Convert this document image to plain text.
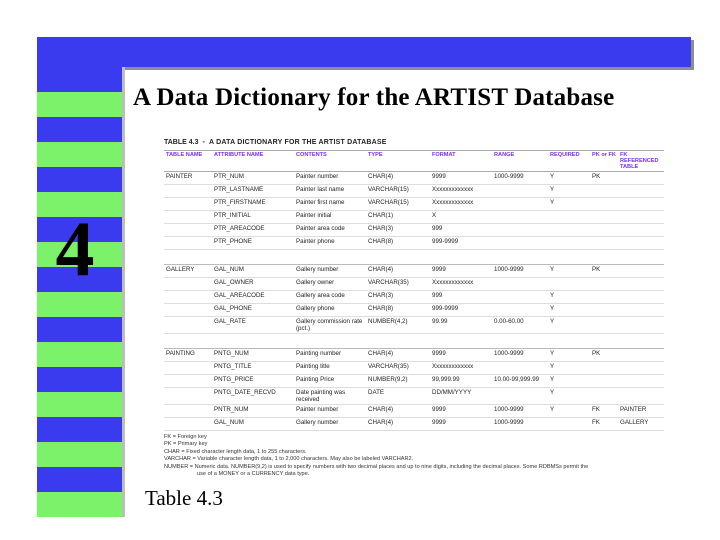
A Data Dictionary for the ARTIST Database
4
TABLE 4.3 ▪ A DATA DICTIONARY FOR THE ARTIST DATABASE
TABLE NAME	ATTRIBUTE NAME	CONTENTS	TYPE	FORMAT	RANGE	REQUIRED	PK or FK	FK REFERENCED TABLE
PAINTER	PTR_NUM	Painter number	CHAR(4)	9999	1000-9999	Y	PK	
	PTR_LASTNAME	Painter last name	VARCHAR(15)	Xxxxxxxxxxxxx		Y		
	PTR_FIRSTNAME	Painter first name	VARCHAR(15)	Xxxxxxxxxxxxx		Y		
	PTR_INITIAL	Painter initial	CHAR(1)	X				
	PTR_AREACODE	Painter area code	CHAR(3)	999				
	PTR_PHONE	Painter phone	CHAR(8)	999-9999				

GALLERY	GAL_NUM	Gallery number	CHAR(4)	9999	1000-9999	Y	PK	
	GAL_OWNER	Gallery owner	VARCHAR(35)	Xxxxxxxxxxxxx				
	GAL_AREACODE	Gallery area code	CHAR(3)	999		Y		
	GAL_PHONE	Gallery phone	CHAR(8)	999-9999		Y		
	GAL_RATE	Gallery commission rate (pct.)	NUMBER(4,2)	99.99	0.00-60.00	Y		

PAINTING	PNTG_NUM	Painting number	CHAR(4)	9999	1000-9999	Y	PK	
	PNTG_TITLE	Painting title	VARCHAR(35)	Xxxxxxxxxxxxx		Y		
	PNTG_PRICE	Painting Price	NUMBER(9,2)	99,999.99	10.00-99,999.99	Y		
	PNTG_DATE_RECVD	Date painting was received	DATE	DD/MM/YYYY		Y		
	PNTR_NUM	Painter number	CHAR(4)	9999	1000-9999	Y	FK	PAINTER
	GAL_NUM	Gallery number	CHAR(4)	9999	1000-9999		FK	GALLERY
FK = Foreign key
PK = Primary key
CHAR = Fixed character length data, 1 to 255 characters.
VARCHAR = Variable character length data, 1 to 2,000 characters. May also be labeled VARCHAR2.
NUMBER = Numeric data. NUMBER(9,2) is used to specify numbers with two decimal places and up to nine digits, including the decimal places. Some RDBMSs permit the
use of a MONEY or a CURRENCY data type.
Table 4.3
